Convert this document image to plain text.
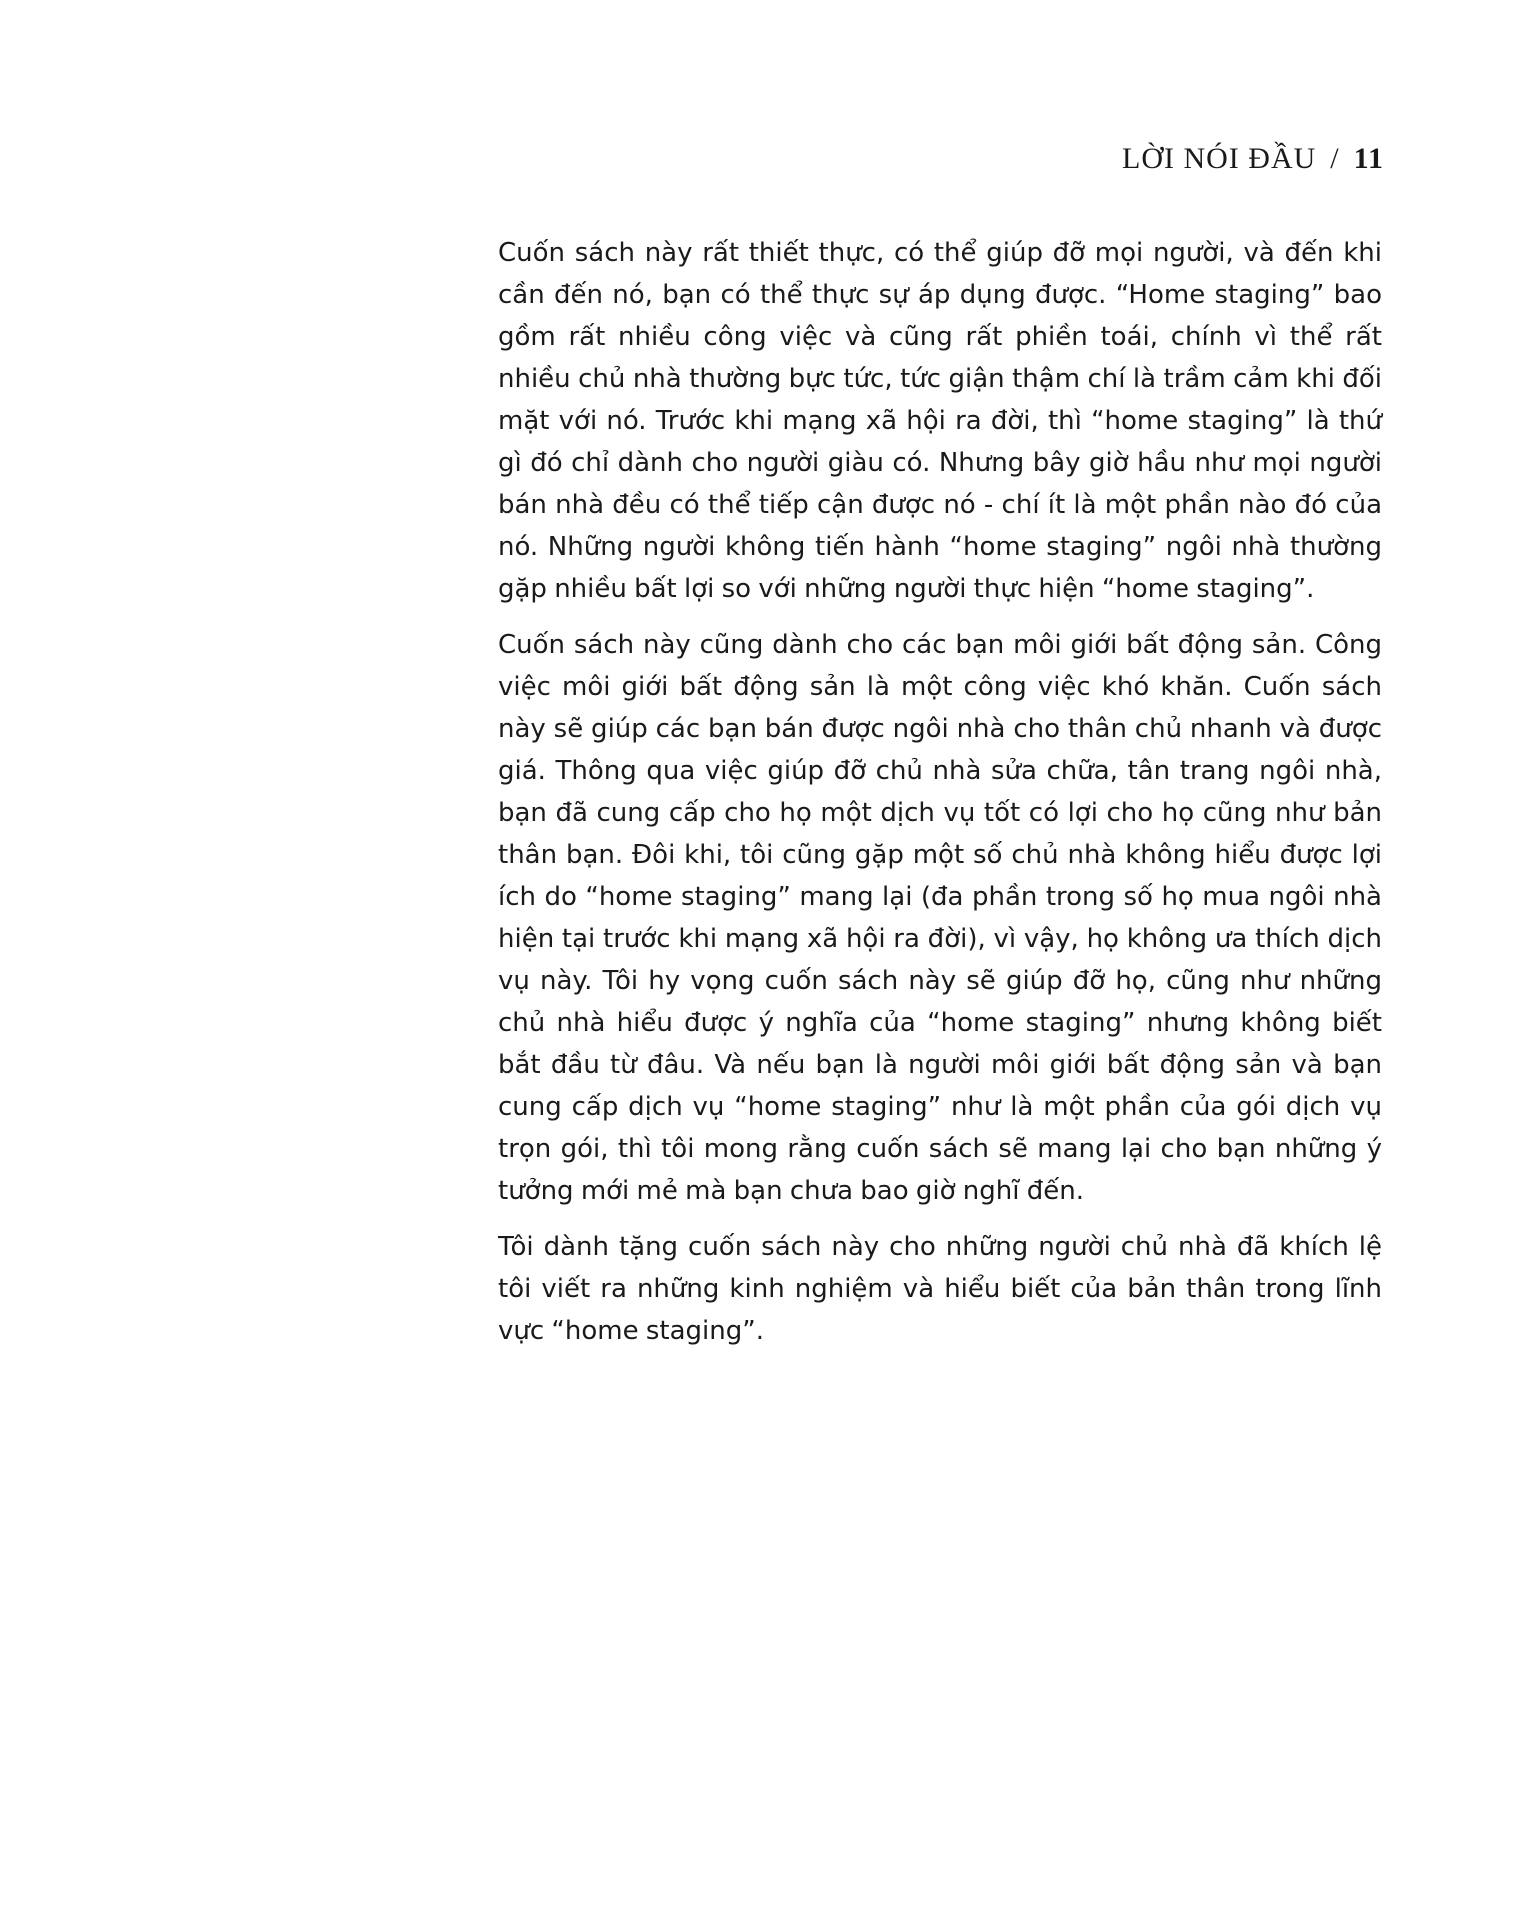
LỜI NÓI ĐẦU / 11

Cuốn sách này rất thiết thực, có thể giúp đỡ mọi người, và đến khi cần đến nó, bạn có thể thực sự áp dụng được. “Home staging” bao gồm rất nhiều công việc và cũng rất phiền toái, chính vì thể rất nhiều chủ nhà thường bực tức, tức giận thậm chí là trầm cảm khi đối mặt với nó. Trước khi mạng xã hội ra đời, thì “home staging” là thứ gì đó chỉ dành cho người giàu có. Nhưng bây giờ hầu như mọi người bán nhà đều có thể tiếp cận được nó - chí ít là một phần nào đó của nó. Những người không tiến hành “home staging” ngôi nhà thường gặp nhiều bất lợi so với những người thực hiện “home staging”.

Cuốn sách này cũng dành cho các bạn môi giới bất động sản. Công việc môi giới bất động sản là một công việc khó khăn. Cuốn sách này sẽ giúp các bạn bán được ngôi nhà cho thân chủ nhanh và được giá. Thông qua việc giúp đỡ chủ nhà sửa chữa, tân trang ngôi nhà, bạn đã cung cấp cho họ một dịch vụ tốt có lợi cho họ cũng như bản thân bạn. Đôi khi, tôi cũng gặp một số chủ nhà không hiểu được lợi ích do “home staging” mang lại (đa phần trong số họ mua ngôi nhà hiện tại trước khi mạng xã hội ra đời), vì vậy, họ không ưa thích dịch vụ này. Tôi hy vọng cuốn sách này sẽ giúp đỡ họ, cũng như những chủ nhà hiểu được ý nghĩa của “home staging” nhưng không biết bắt đầu từ đâu. Và nếu bạn là người môi giới bất động sản và bạn cung cấp dịch vụ “home staging” như là một phần của gói dịch vụ trọn gói, thì tôi mong rằng cuốn sách sẽ mang lại cho bạn những ý tưởng mới mẻ mà bạn chưa bao giờ nghĩ đến.

Tôi dành tặng cuốn sách này cho những người chủ nhà đã khích lệ tôi viết ra những kinh nghiệm và hiểu biết của bản thân trong lĩnh vực “home staging”.
